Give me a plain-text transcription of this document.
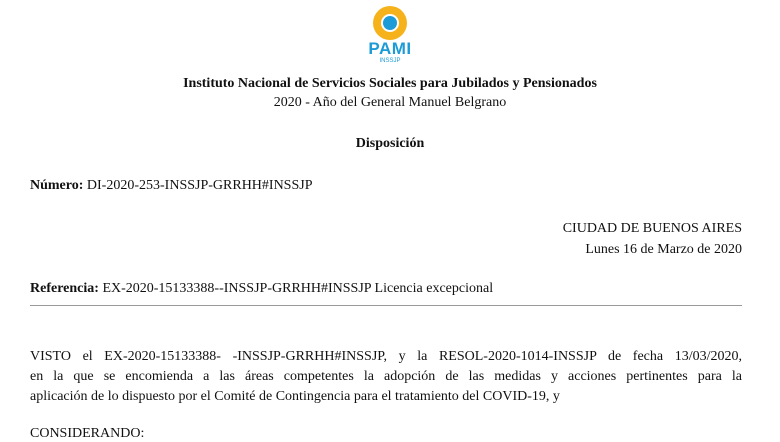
PAMI
INSSJP
Instituto Nacional de Servicios Sociales para Jubilados y Pensionados
2020 - Año del General Manuel Belgrano
Disposición
Número: DI-2020-253-INSSJP-GRRHH#INSSJP
CIUDAD DE BUENOS AIRES
Lunes 16 de Marzo de 2020
Referencia: EX-2020-15133388--INSSJP-GRRHH#INSSJP Licencia excepcional
VISTO el EX-2020-15133388- -INSSJP-GRRHH#INSSJP, y la RESOL-2020-1014-INSSJP de fecha 13/03/2020,
en la que se encomienda a las áreas competentes la adopción de las medidas y acciones pertinentes para la
aplicación de lo dispuesto por el Comité de Contingencia para el tratamiento del COVID-19, y
CONSIDERANDO:
